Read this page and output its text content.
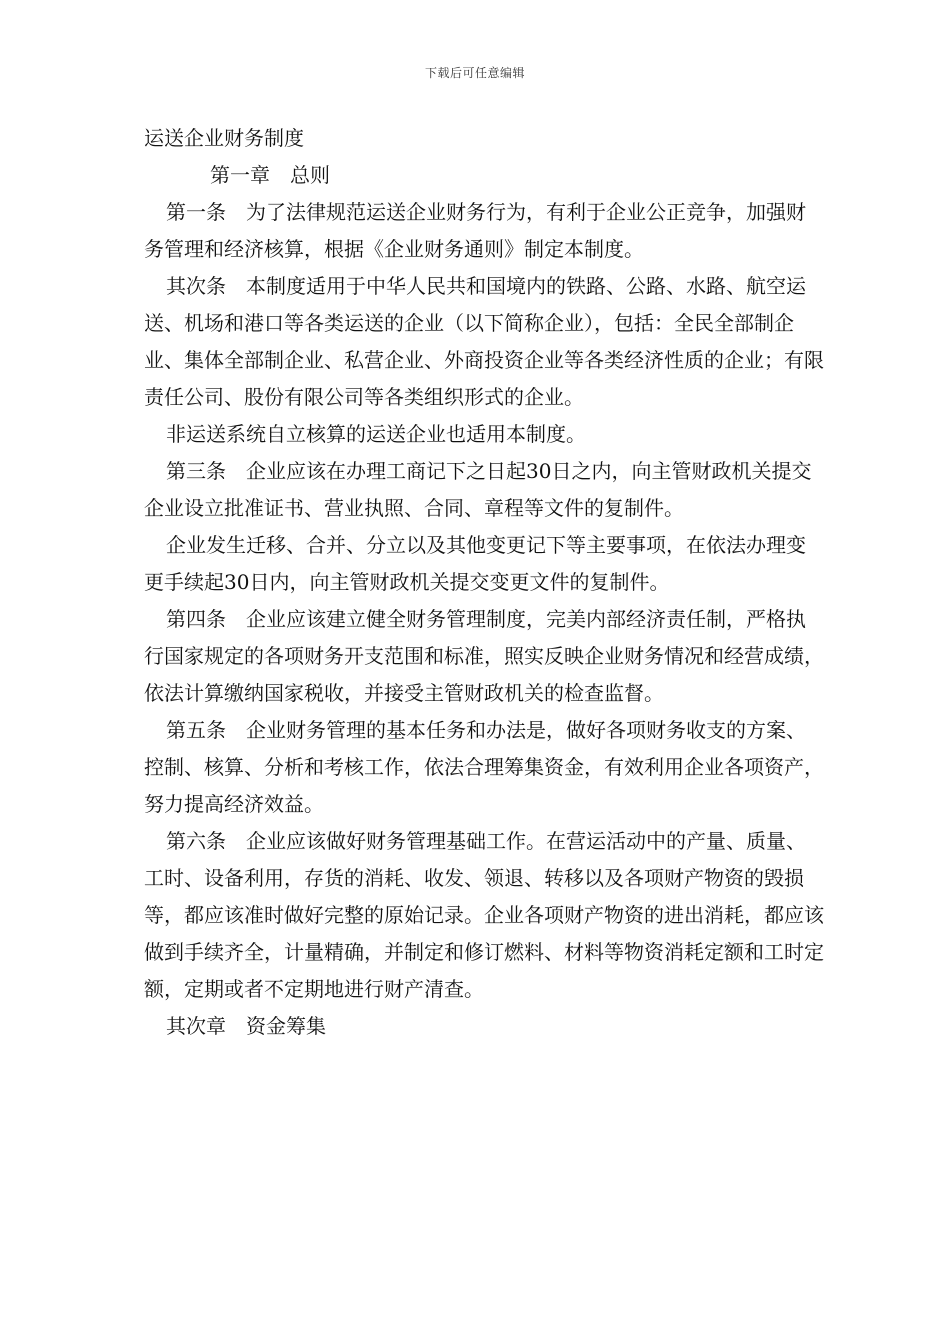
下载后可任意编辑

运送企业财务制度

第一章 总则

第一条 为了法律规范运送企业财务行为，有利于企业公正竞争，加强财务管理和经济核算，根据《企业财务通则》制定本制度。

其次条 本制度适用于中华人民共和国境内的铁路、公路、水路、航空运送、机场和港口等各类运送的企业（以下简称企业），包括：全民全部制企业、集体全部制企业、私营企业、外商投资企业等各类经济性质的企业；有限责任公司、股份有限公司等各类组织形式的企业。

非运送系统自立核算的运送企业也适用本制度。

第三条 企业应该在办理工商记下之日起30日之内，向主管财政机关提交企业设立批准证书、营业执照、合同、章程等文件的复制件。

企业发生迁移、合并、分立以及其他变更记下等主要事项，在依法办理变更手续起30日内，向主管财政机关提交变更文件的复制件。

第四条 企业应该建立健全财务管理制度，完美内部经济责任制，严格执行国家规定的各项财务开支范围和标准，照实反映企业财务情况和经营成绩，依法计算缴纳国家税收，并接受主管财政机关的检查监督。

第五条 企业财务管理的基本任务和办法是，做好各项财务收支的方案、控制、核算、分析和考核工作，依法合理筹集资金，有效利用企业各项资产，努力提高经济效益。

第六条 企业应该做好财务管理基础工作。在营运活动中的产量、质量、工时、设备利用，存货的消耗、收发、领退、转移以及各项财产物资的毁损等，都应该准时做好完整的原始记录。企业各项财产物资的进出消耗，都应该做到手续齐全，计量精确，并制定和修订燃料、材料等物资消耗定额和工时定额，定期或者不定期地进行财产清查。

其次章 资金筹集
